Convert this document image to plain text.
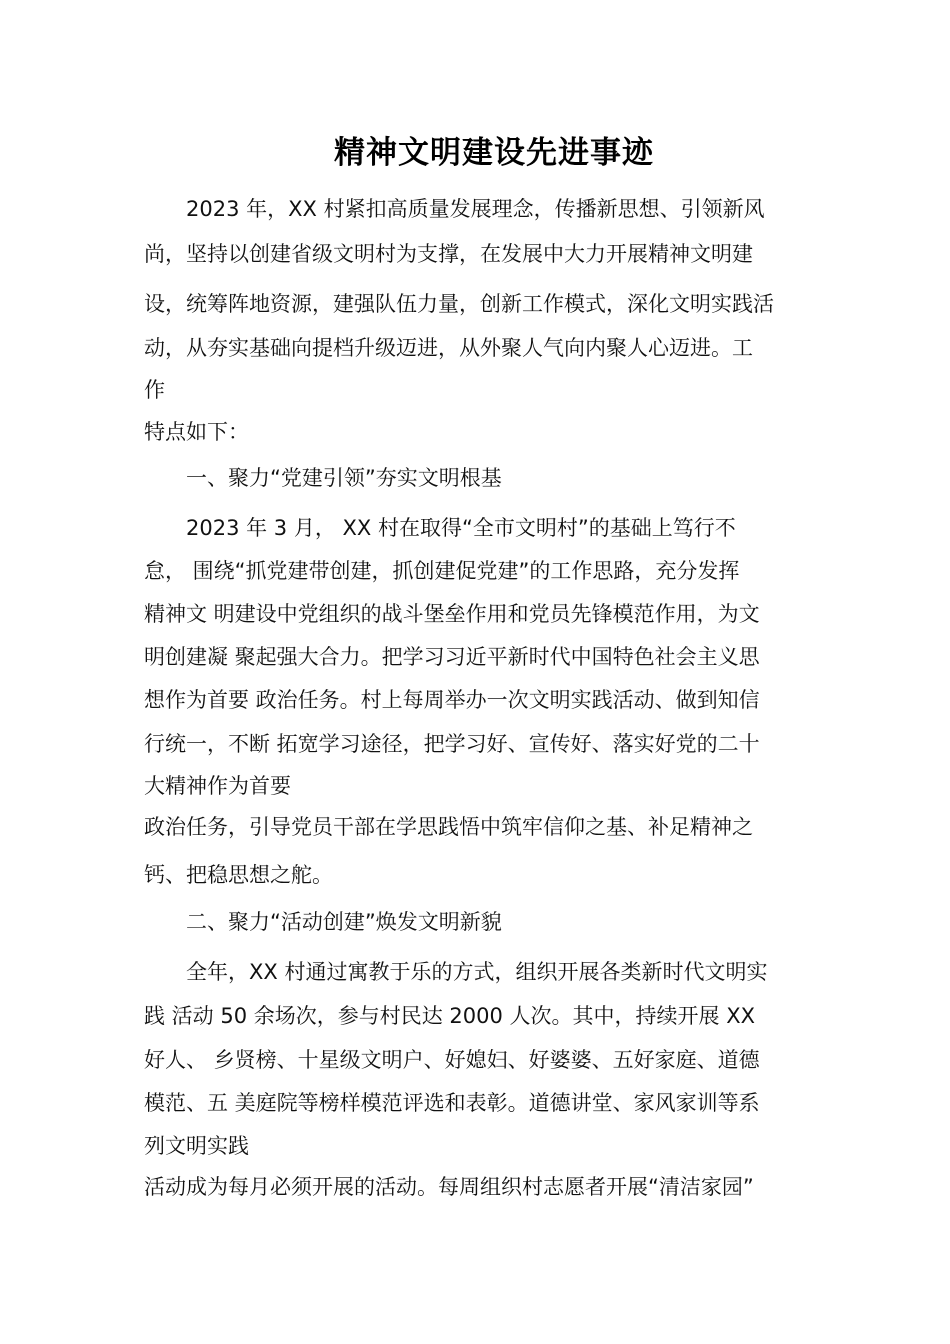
精神文明建设先进事迹
2023 年，XX 村紧扣高质量发展理念，传播新思想、引领新风
尚，坚持以创建省级文明村为支撑，在发展中大力开展精神文明建
设，统筹阵地资源，建强队伍力量，创新工作模式，深化文明实践活
动，从夯实基础向提档升级迈进，从外聚人气向内聚人心迈进。工
作
特点如下：
一、聚力“党建引领”夯实文明根基
2023 年 3 月， XX 村在取得“全市文明村”的基础上笃行不
怠， 围绕“抓党建带创建，抓创建促党建”的工作思路，充分发挥
精神文 明建设中党组织的战斗堡垒作用和党员先锋模范作用，为文
明创建凝 聚起强大合力。把学习习近平新时代中国特色社会主义思
想作为首要 政治任务。村上每周举办一次文明实践活动、做到知信
行统一，不断 拓宽学习途径，把学习好、宣传好、落实好党的二十
大精神作为首要
政治任务，引导党员干部在学思践悟中筑牢信仰之基、补足精神之
钙、把稳思想之舵。
二、聚力“活动创建”焕发文明新貌
全年，XX 村通过寓教于乐的方式，组织开展各类新时代文明实
践 活动 50 余场次，参与村民达 2000 人次。其中，持续开展 XX
好人、 乡贤榜、十星级文明户、好媳妇、好婆婆、五好家庭、道德
模范、五 美庭院等榜样模范评选和表彰。道德讲堂、家风家训等系
列文明实践
活动成为每月必须开展的活动。每周组织村志愿者开展“清洁家园”
